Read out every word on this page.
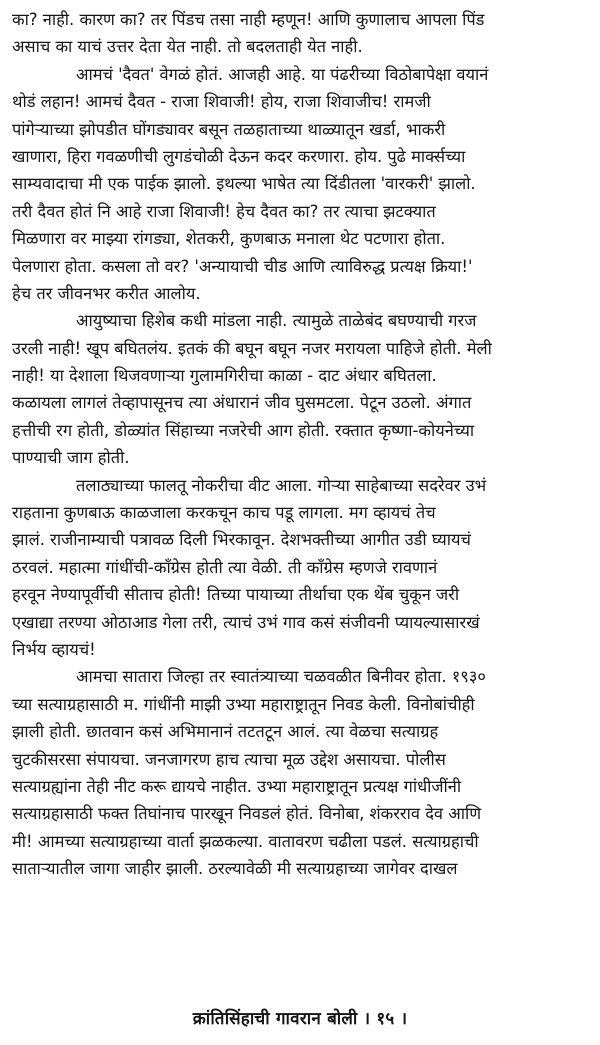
का? नाही. कारण का? तर पिंडच तसा नाही म्हणून! आणि कुणालाच आपला पिंड
असाच का याचं उत्तर देता येत नाही. तो बदलताही येत नाही.
आमचं 'दैवत' वेगळं होतं. आजही आहे. या पंढरीच्या विठोबापेक्षा वयानं
थोडं लहान! आमचं दैवत - राजा शिवाजी! होय, राजा शिवाजीच! रामजी
पांगेऱ्याच्या झोपडीत घोंगड्यावर बसून तळहाताच्या थाळ्यातून खर्डा, भाकरी
खाणारा, हिरा गवळणीची लुगडंचोळी देऊन कदर करणारा. होय. पुढे मार्क्सच्या
साम्यवादाचा मी एक पाईक झालो. इथल्या भाषेत त्या दिंडीतला 'वारकरी' झालो.
तरी दैवत होतं नि आहे राजा शिवाजी! हेच दैवत का? तर त्याचा झटक्यात
मिळणारा वर माझ्या रांगड्या, शेतकरी, कुणबाऊ मनाला थेट पटणारा होता.
पेलणारा होता. कसला तो वर? 'अन्यायाची चीड आणि त्याविरुद्ध प्रत्यक्ष क्रिया!'
हेच तर जीवनभर करीत आलोय.
आयुष्याचा हिशेब कधी मांडला नाही. त्यामुळे ताळेबंद बघण्याची गरज
उरली नाही! खूप बघितलंय. इतकं की बघून बघून नजर मरायला पाहिजे होती. मेली
नाही! या देशाला थिजवणाऱ्या गुलामगिरीचा काळा - दाट अंधार बघितला.
कळायला लागलं तेव्हापासूनच त्या अंधारानं जीव घुसमटला. पेटून उठलो. अंगात
हत्तीची रग होती, डोळ्यांत सिंहाच्या नजरेची आग होती. रक्तात कृष्णा-कोयनेच्या
पाण्याची जाग होती.
तलाठ्याच्या फालतू नोकरीचा वीट आला. गोऱ्या साहेबाच्या सदरेवर उभं
राहताना कुणबाऊ काळजाला करकचून काच पडू लागला. मग व्हायचं तेच
झालं. राजीनाम्याची पत्रावळ दिली भिरकावून. देशभक्तीच्या आगीत उडी घ्यायचं
ठरवलं. महात्मा गांधींची-काँग्रेस होती त्या वेळी. ती काँग्रेस म्हणजे रावणानं
हरवून नेण्यापूर्वीची सीताच होती! तिच्या पायाच्या तीर्थाचा एक थेंब चुकून जरी
एखाद्या तरण्या ओठाआड गेला तरी, त्याचं उभं गाव कसं संजीवनी प्यायल्यासारखं
निर्भय व्हायचं!
आमचा सातारा जिल्हा तर स्वातंत्र्याच्या चळवळीत बिनीवर होता. १९३०
च्या सत्याग्रहासाठी म. गांधींनी माझी उभ्या महाराष्ट्रातून निवड केली. विनोबांचीही
झाली होती. छातवान कसं अभिमानानं तटतटून आलं. त्या वेळचा सत्याग्रह
चुटकीसरसा संपायचा. जनजागरण हाच त्याचा मूळ उद्देश असायचा. पोलीस
सत्याग्रह्यांना तेही नीट करू द्यायचे नाहीत. उभ्या महाराष्ट्रातून प्रत्यक्ष गांधीजींनी
सत्याग्रहासाठी फक्त तिघांनाच पारखून निवडलं होतं. विनोबा, शंकरराव देव आणि
मी! आमच्या सत्याग्रहाच्या वार्ता झळकल्या. वातावरण चढीला पडलं. सत्याग्रहाची
साताऱ्यातील जागा जाहीर झाली. ठरल्यावेळी मी सत्याग्रहाच्या जागेवर दाखल
क्रांतिसिंहाची गावरान बोली । १५ ।
